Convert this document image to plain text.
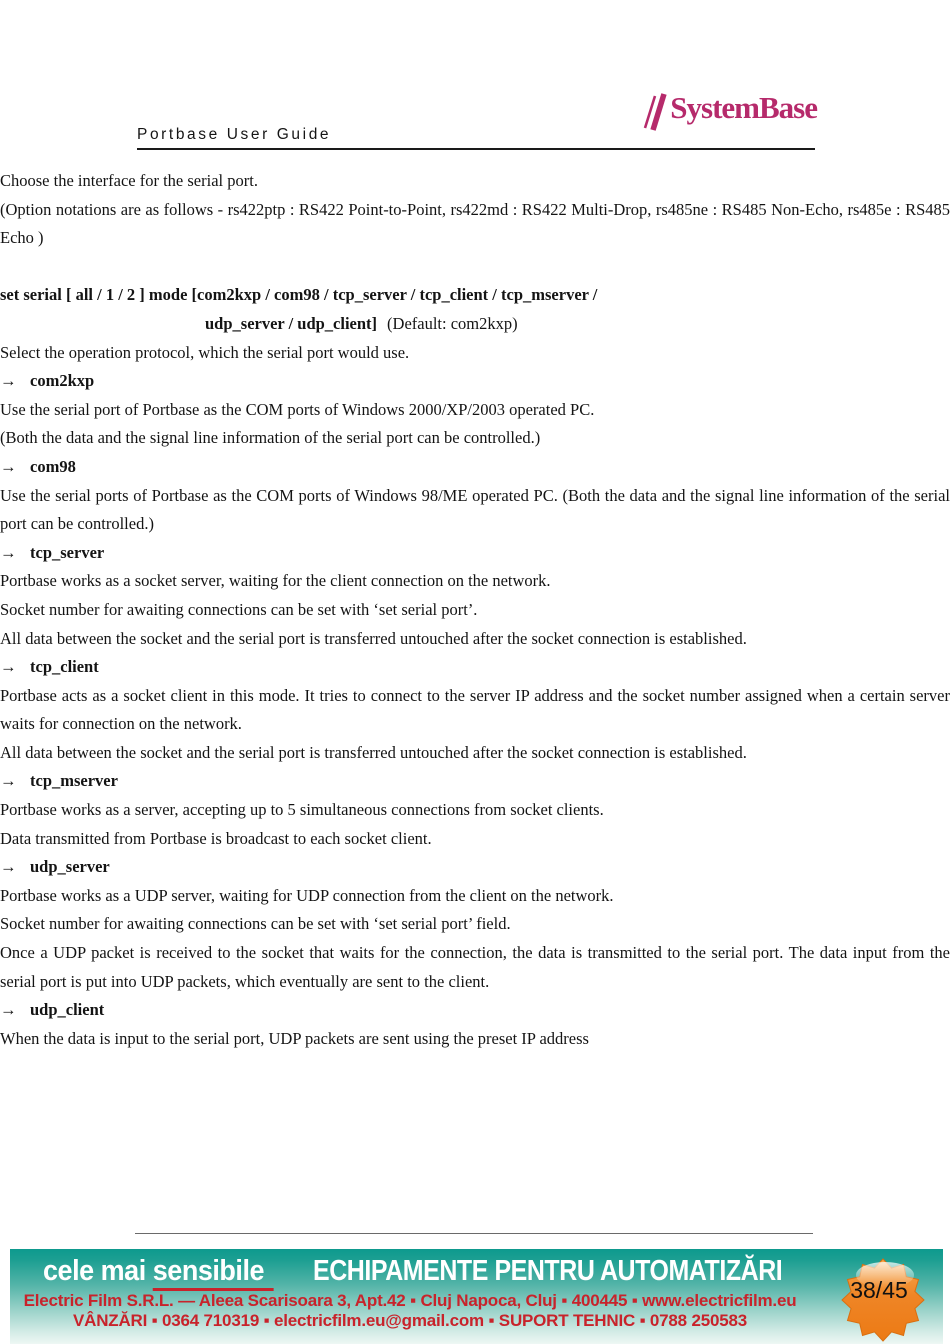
SystemBase
Portbase User Guide

Choose the interface for the serial port.

(Option notations are as follows - rs422ptp : RS422 Point-to-Point, rs422md : RS422 Multi-Drop, rs485ne : RS485 Non-Echo, rs485e : RS485 Echo )

set serial [ all / 1 / 2 ] mode [com2kxp / com98 / tcp_server / tcp_client / tcp_mserver /
udp_server / udp_client] (Default: com2kxp)

Select the operation protocol, which the serial port would use.

→ com2kxp

Use the serial port of Portbase as the COM ports of Windows 2000/XP/2003 operated PC.

(Both the data and the signal line information of the serial port can be controlled.)

→ com98

Use the serial ports of Portbase as the COM ports of Windows 98/ME operated PC. (Both the data and the signal line information of the serial port can be controlled.)

→ tcp_server

Portbase works as a socket server, waiting for the client connection on the network.

Socket number for awaiting connections can be set with ‘set serial port’.

All data between the socket and the serial port is transferred untouched after the socket connection is established.

→ tcp_client

Portbase acts as a socket client in this mode. It tries to connect to the server IP address and the socket number assigned when a certain server waits for connection on the network.

All data between the socket and the serial port is transferred untouched after the socket connection is established.

→ tcp_mserver

Portbase works as a server, accepting up to 5 simultaneous connections from socket clients.

Data transmitted from Portbase is broadcast to each socket client.

→ udp_server

Portbase works as a UDP server, waiting for UDP connection from the client on the network.

Socket number for awaiting connections can be set with ‘set serial port’ field.

Once a UDP packet is received to the socket that waits for the connection, the data is transmitted to the serial port. The data input from the serial port is put into UDP packets, which eventually are sent to the client.

→ udp_client

When the data is input to the serial port, UDP packets are sent using the preset IP address

cele mai sensibile	ECHIPAMENTE PENTRU AUTOMATIZĂRI
Electric Film S.R.L. — Aleea Scarisoara 3, Apt.42 ▪ Cluj Napoca, Cluj ▪ 400445 ▪ www.electricfilm.eu
VÂNZĂRI ▪ 0364 710319 ▪ electricfilm.eu@gmail.com ▪ SUPORT TEHNIC ▪ 0788 250583
38/45
